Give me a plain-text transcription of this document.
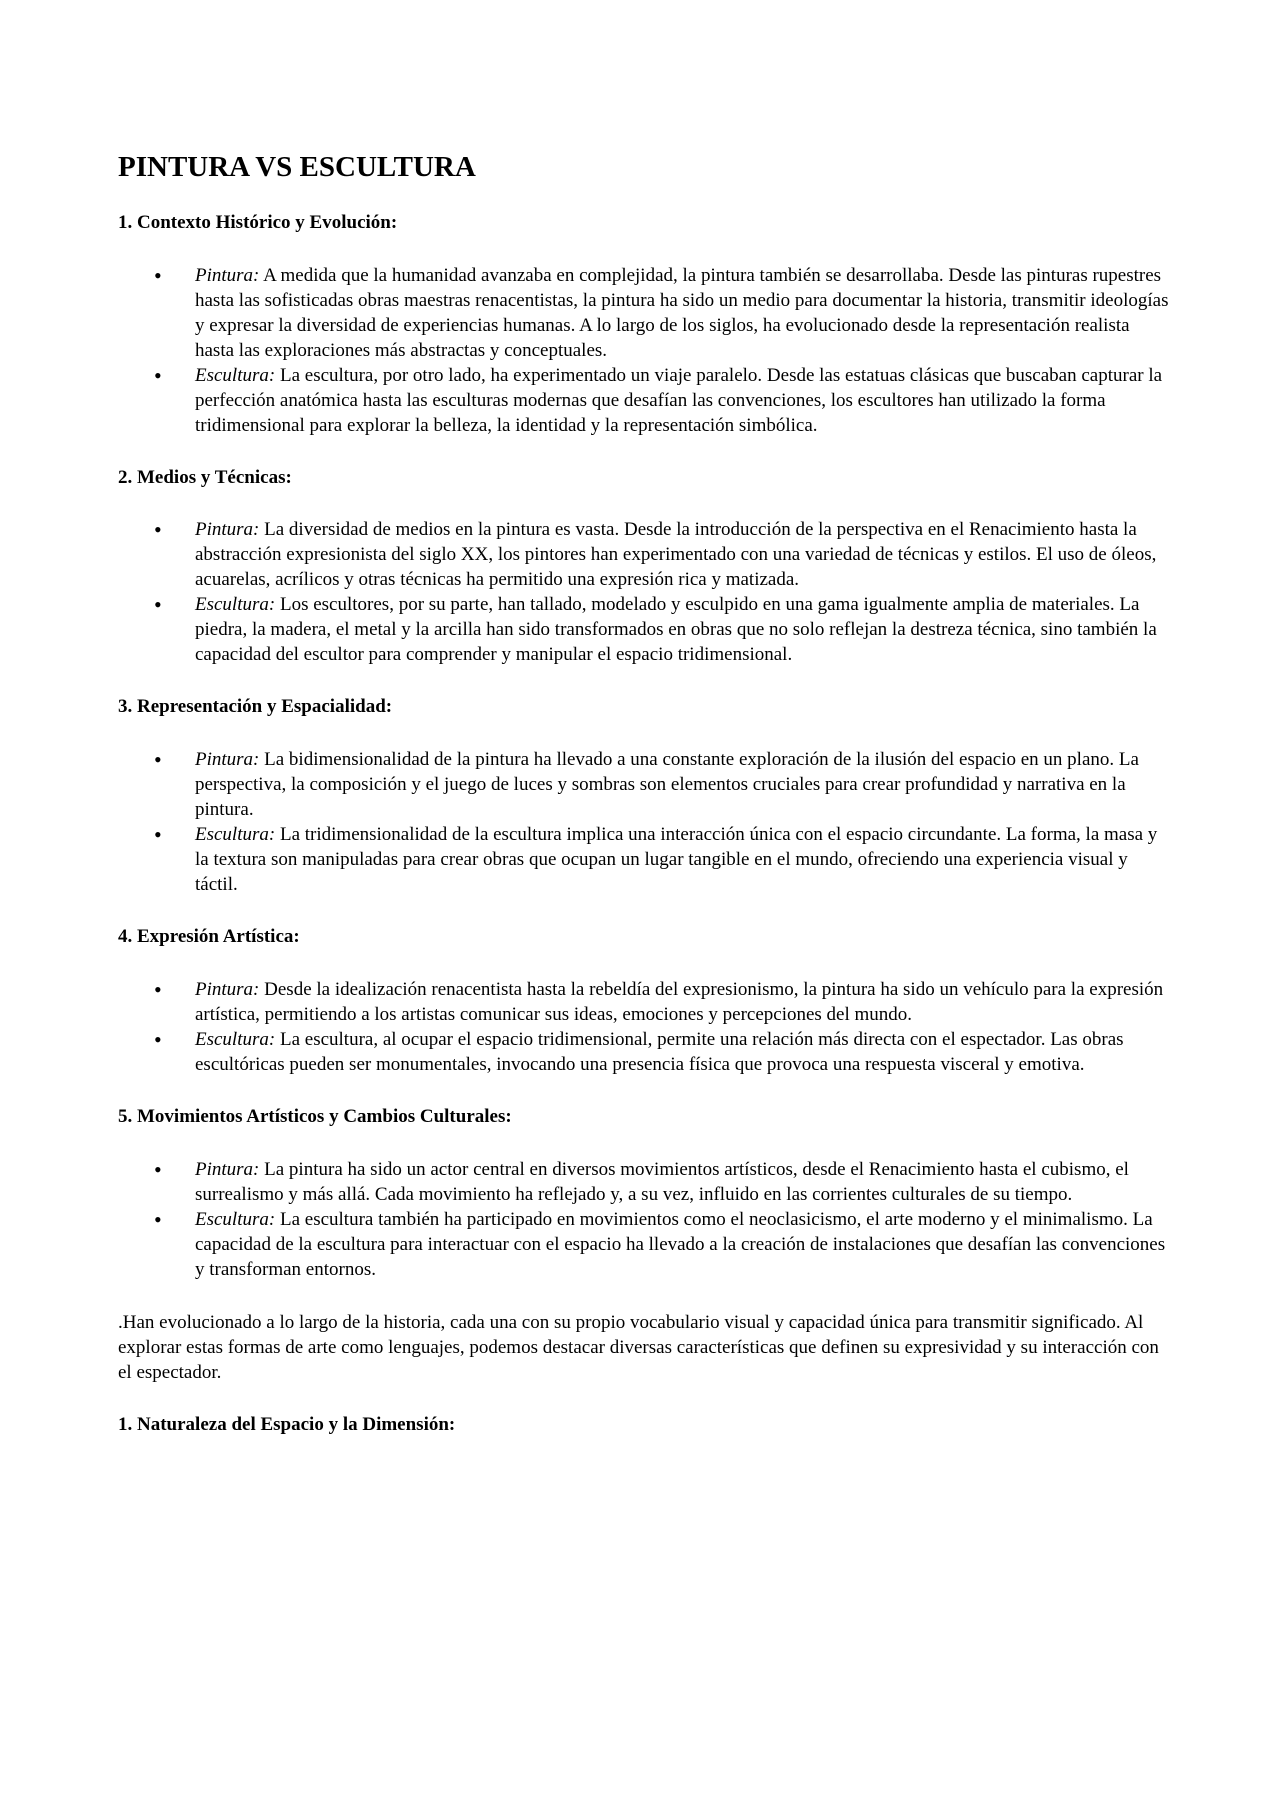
PINTURA VS ESCULTURA
1. Contexto Histórico y Evolución:
• Pintura: A medida que la humanidad avanzaba en complejidad, la pintura también se desarrollaba. Desde las pinturas rupestres hasta las sofisticadas obras maestras renacentistas, la pintura ha sido un medio para documentar la historia, transmitir ideologías y expresar la diversidad de experiencias humanas. A lo largo de los siglos, ha evolucionado desde la representación realista hasta las exploraciones más abstractas y conceptuales.
• Escultura: La escultura, por otro lado, ha experimentado un viaje paralelo. Desde las estatuas clásicas que buscaban capturar la perfección anatómica hasta las esculturas modernas que desafían las convenciones, los escultores han utilizado la forma tridimensional para explorar la belleza, la identidad y la representación simbólica.
2. Medios y Técnicas:
• Pintura: La diversidad de medios en la pintura es vasta. Desde la introducción de la perspectiva en el Renacimiento hasta la abstracción expresionista del siglo XX, los pintores han experimentado con una variedad de técnicas y estilos. El uso de óleos, acuarelas, acrílicos y otras técnicas ha permitido una expresión rica y matizada.
• Escultura: Los escultores, por su parte, han tallado, modelado y esculpido en una gama igualmente amplia de materiales. La piedra, la madera, el metal y la arcilla han sido transformados en obras que no solo reflejan la destreza técnica, sino también la capacidad del escultor para comprender y manipular el espacio tridimensional.
3. Representación y Espacialidad:
• Pintura: La bidimensionalidad de la pintura ha llevado a una constante exploración de la ilusión del espacio en un plano. La perspectiva, la composición y el juego de luces y sombras son elementos cruciales para crear profundidad y narrativa en la pintura.
• Escultura: La tridimensionalidad de la escultura implica una interacción única con el espacio circundante. La forma, la masa y la textura son manipuladas para crear obras que ocupan un lugar tangible en el mundo, ofreciendo una experiencia visual y táctil.
4. Expresión Artística:
• Pintura: Desde la idealización renacentista hasta la rebeldía del expresionismo, la pintura ha sido un vehículo para la expresión artística, permitiendo a los artistas comunicar sus ideas, emociones y percepciones del mundo.
• Escultura: La escultura, al ocupar el espacio tridimensional, permite una relación más directa con el espectador. Las obras escultóricas pueden ser monumentales, invocando una presencia física que provoca una respuesta visceral y emotiva.
5. Movimientos Artísticos y Cambios Culturales:
• Pintura: La pintura ha sido un actor central en diversos movimientos artísticos, desde el Renacimiento hasta el cubismo, el surrealismo y más allá. Cada movimiento ha reflejado y, a su vez, influido en las corrientes culturales de su tiempo.
• Escultura: La escultura también ha participado en movimientos como el neoclasicismo, el arte moderno y el minimalismo. La capacidad de la escultura para interactuar con el espacio ha llevado a la creación de instalaciones que desafían las convenciones y transforman entornos.

.Han evolucionado a lo largo de la historia, cada una con su propio vocabulario visual y capacidad única para transmitir significado. Al explorar estas formas de arte como lenguajes, podemos destacar diversas características que definen su expresividad y su interacción con el espectador.

1. Naturaleza del Espacio y la Dimensión:
